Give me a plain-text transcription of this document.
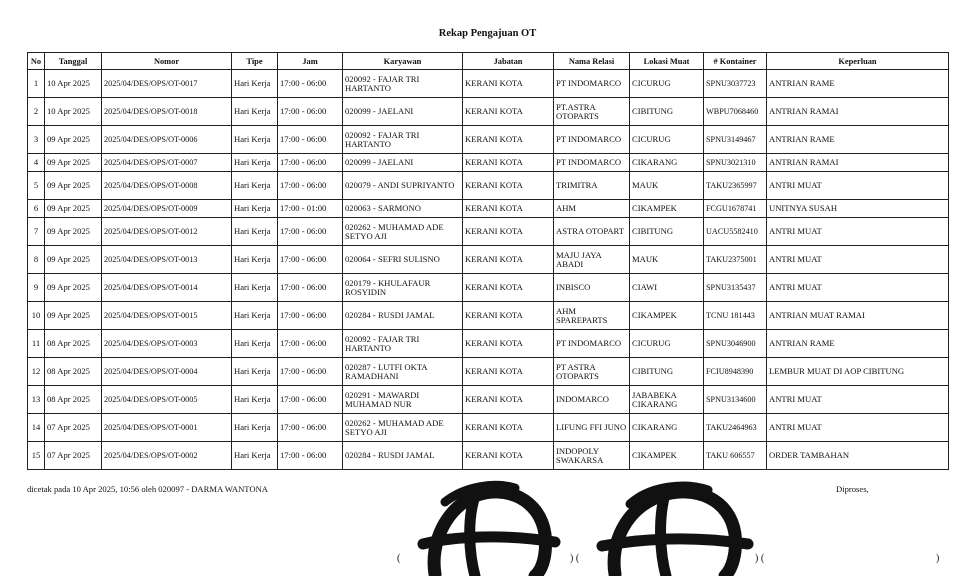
Rekap Pengajuan OT
No	Tanggal	Nomor	Tipe	Jam	Karyawan	Jabatan	Nama Relasi	Lokasi Muat	# Kontainer	Keperluan
1	10 Apr 2025	2025/04/DES/OPS/OT-0017	Hari Kerja	17:00 - 06:00	020092 - FAJAR TRI HARTANTO	KERANI KOTA	PT INDOMARCO	CICURUG	SPNU3037723	ANTRIAN RAME
2	10 Apr 2025	2025/04/DES/OPS/OT-0018	Hari Kerja	17:00 - 06:00	020099 - JAELANI	KERANI KOTA	PT.ASTRA OTOPARTS	CIBITUNG	WBPU7068460	ANTRIAN RAMAI
3	09 Apr 2025	2025/04/DES/OPS/OT-0006	Hari Kerja	17:00 - 06:00	020092 - FAJAR TRI HARTANTO	KERANI KOTA	PT INDOMARCO	CICURUG	SPNU3149467	ANTRIAN RAME
4	09 Apr 2025	2025/04/DES/OPS/OT-0007	Hari Kerja	17:00 - 06:00	020099 - JAELANI	KERANI KOTA	PT INDOMARCO	CIKARANG	SPNU3021310	ANTRIAN RAMAI
5	09 Apr 2025	2025/04/DES/OPS/OT-0008	Hari Kerja	17:00 - 06:00	020079 - ANDI SUPRIYANTO	KERANI KOTA	TRIMITRA	MAUK	TAKU2365997	ANTRI MUAT
6	09 Apr 2025	2025/04/DES/OPS/OT-0009	Hari Kerja	17:00 - 01:00	020063 - SARMONO	KERANI KOTA	AHM	CIKAMPEK	FCGU1678741	UNITNYA SUSAH
7	09 Apr 2025	2025/04/DES/OPS/OT-0012	Hari Kerja	17:00 - 06:00	020262 - MUHAMAD ADE SETYO AJI	KERANI KOTA	ASTRA OTOPART	CIBITUNG	UACU5582410	ANTRI MUAT
8	09 Apr 2025	2025/04/DES/OPS/OT-0013	Hari Kerja	17:00 - 06:00	020064 - SEFRI SULISNO	KERANI KOTA	MAJU JAYA ABADI	MAUK	TAKU2375001	ANTRI MUAT
9	09 Apr 2025	2025/04/DES/OPS/OT-0014	Hari Kerja	17:00 - 06:00	020179 - KHULAFAUR ROSYIDIN	KERANI KOTA	INBISCO	CIAWI	SPNU3135437	ANTRI MUAT
10	09 Apr 2025	2025/04/DES/OPS/OT-0015	Hari Kerja	17:00 - 06:00	020284 - RUSDI JAMAL	KERANI KOTA	AHM SPAREPARTS	CIKAMPEK	TCNU 181443	ANTRIAN MUAT RAMAI
11	08 Apr 2025	2025/04/DES/OPS/OT-0003	Hari Kerja	17:00 - 06:00	020092 - FAJAR TRI HARTANTO	KERANI KOTA	PT INDOMARCO	CICURUG	SPNU3046900	ANTRIAN RAME
12	08 Apr 2025	2025/04/DES/OPS/OT-0004	Hari Kerja	17:00 - 06:00	020287 - LUTFI OKTA RAMADHANI	KERANI KOTA	PT ASTRA OTOPARTS	CIBITUNG	FCIU8948390	LEMBUR MUAT DI AOP CIBITUNG
13	08 Apr 2025	2025/04/DES/OPS/OT-0005	Hari Kerja	17:00 - 06:00	020291 - MAWARDI MUHAMAD NUR	KERANI KOTA	INDOMARCO	JABABEKA CIKARANG	SPNU3134600	ANTRI MUAT
14	07 Apr 2025	2025/04/DES/OPS/OT-0001	Hari Kerja	17:00 - 06:00	020262 - MUHAMAD ADE SETYO AJI	KERANI KOTA	LIFUNG FFI JUNO	CIKARANG	TAKU2464963	ANTRI MUAT
15	07 Apr 2025	2025/04/DES/OPS/OT-0002	Hari Kerja	17:00 - 06:00	020284 - RUSDI JAMAL	KERANI KOTA	INDOPOLY SWAKARSA	CIKAMPEK	TAKU 606557	ORDER TAMBAHAN
dicetak pada 10 Apr 2025, 10:56 oleh 020097 - DARMA WANTONA	Diproses,
(	) (	) (	)
